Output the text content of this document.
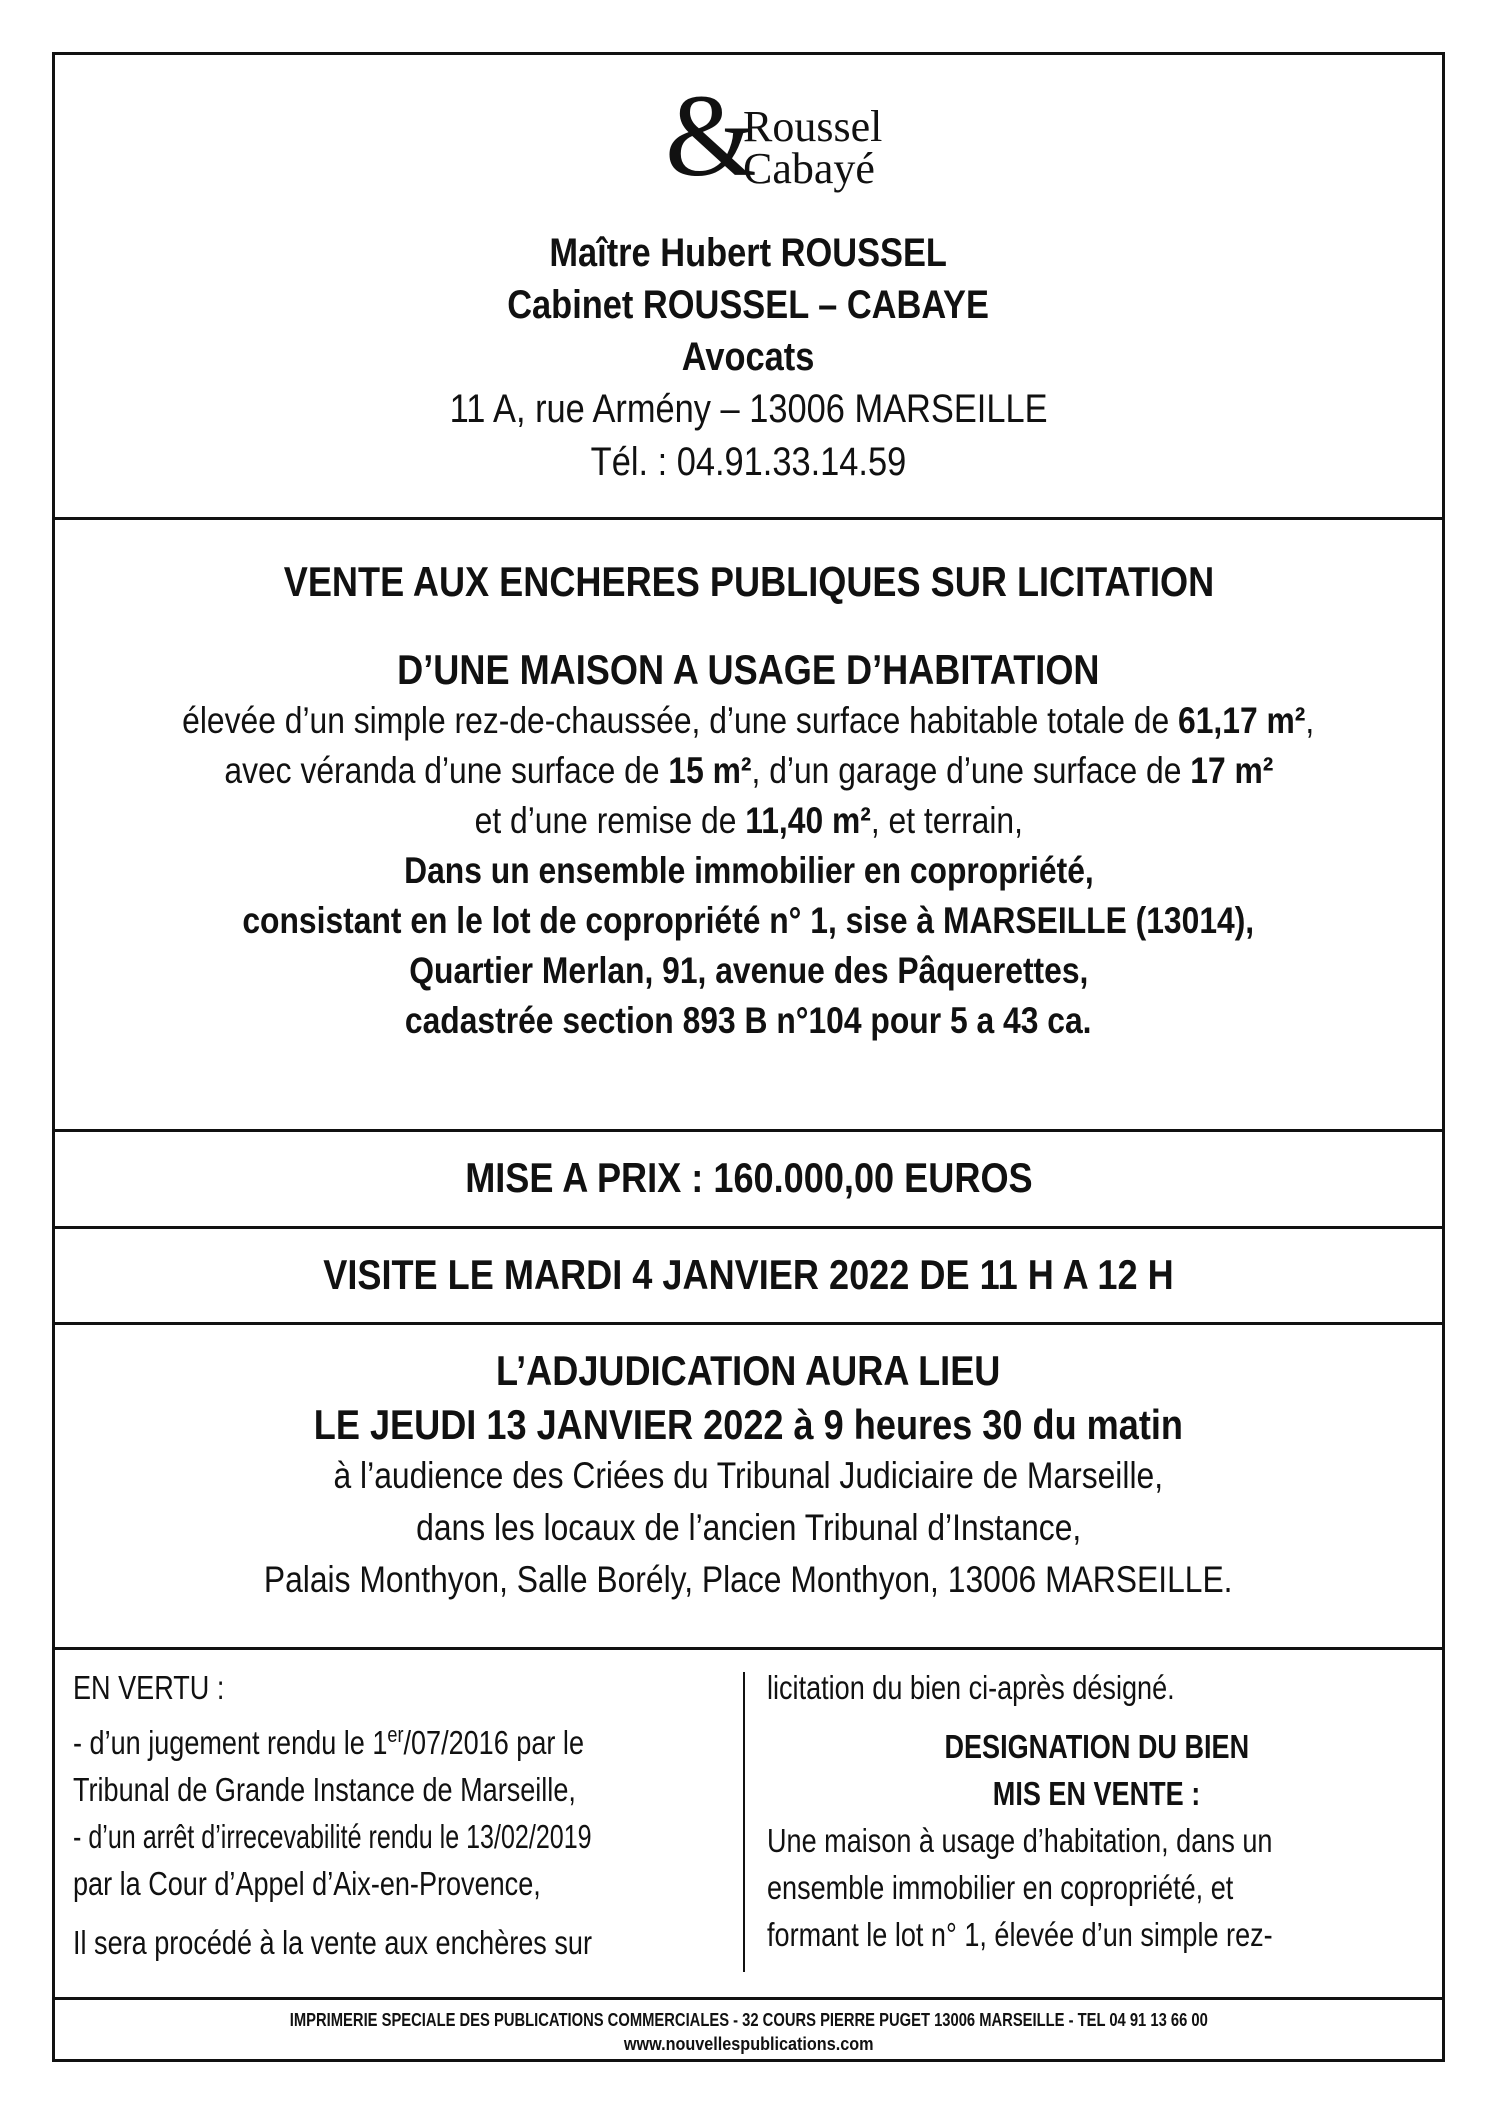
&
Roussel
Cabayé
Maître Hubert ROUSSEL
Cabinet ROUSSEL – CABAYE
Avocats
11 A, rue Armény – 13006 MARSEILLE
Tél. : 04.91.33.14.59
VENTE AUX ENCHERES PUBLIQUES SUR LICITATION
D’UNE MAISON A USAGE D’HABITATION
élevée d’un simple rez-de-chaussée, d’une surface habitable totale de 61,17 m²,
avec véranda d’une surface de 15 m², d’un garage d’une surface de 17 m²
et d’une remise de 11,40 m², et terrain,
Dans un ensemble immobilier en copropriété,
consistant en le lot de copropriété n° 1, sise à MARSEILLE (13014),
Quartier Merlan, 91, avenue des Pâquerettes,
cadastrée section 893 B n°104 pour 5 a 43 ca.
MISE A PRIX : 160.000,00 EUROS
VISITE LE MARDI 4 JANVIER 2022 DE 11 H A 12 H
L’ADJUDICATION AURA LIEU
LE JEUDI 13 JANVIER 2022 à 9 heures 30 du matin
à l’audience des Criées du Tribunal Judiciaire de Marseille,
dans les locaux de l’ancien Tribunal d’Instance,
Palais Monthyon, Salle Borély, Place Monthyon, 13006 MARSEILLE.
EN VERTU :
- d’un jugement rendu le 1er/07/2016 par le
Tribunal de Grande Instance de Marseille,
- d’un arrêt d’irrecevabilité rendu le 13/02/2019
par la Cour d’Appel d’Aix-en-Provence,
Il sera procédé à la vente aux enchères sur
licitation du bien ci-après désigné.
DESIGNATION DU BIEN
MIS EN VENTE :
Une maison à usage d’habitation, dans un
ensemble immobilier en copropriété, et
formant le lot n° 1, élevée d’un simple rez-
IMPRIMERIE SPECIALE DES PUBLICATIONS COMMERCIALES - 32 COURS PIERRE PUGET 13006 MARSEILLE - TEL 04 91 13 66 00
www.nouvellespublications.com
